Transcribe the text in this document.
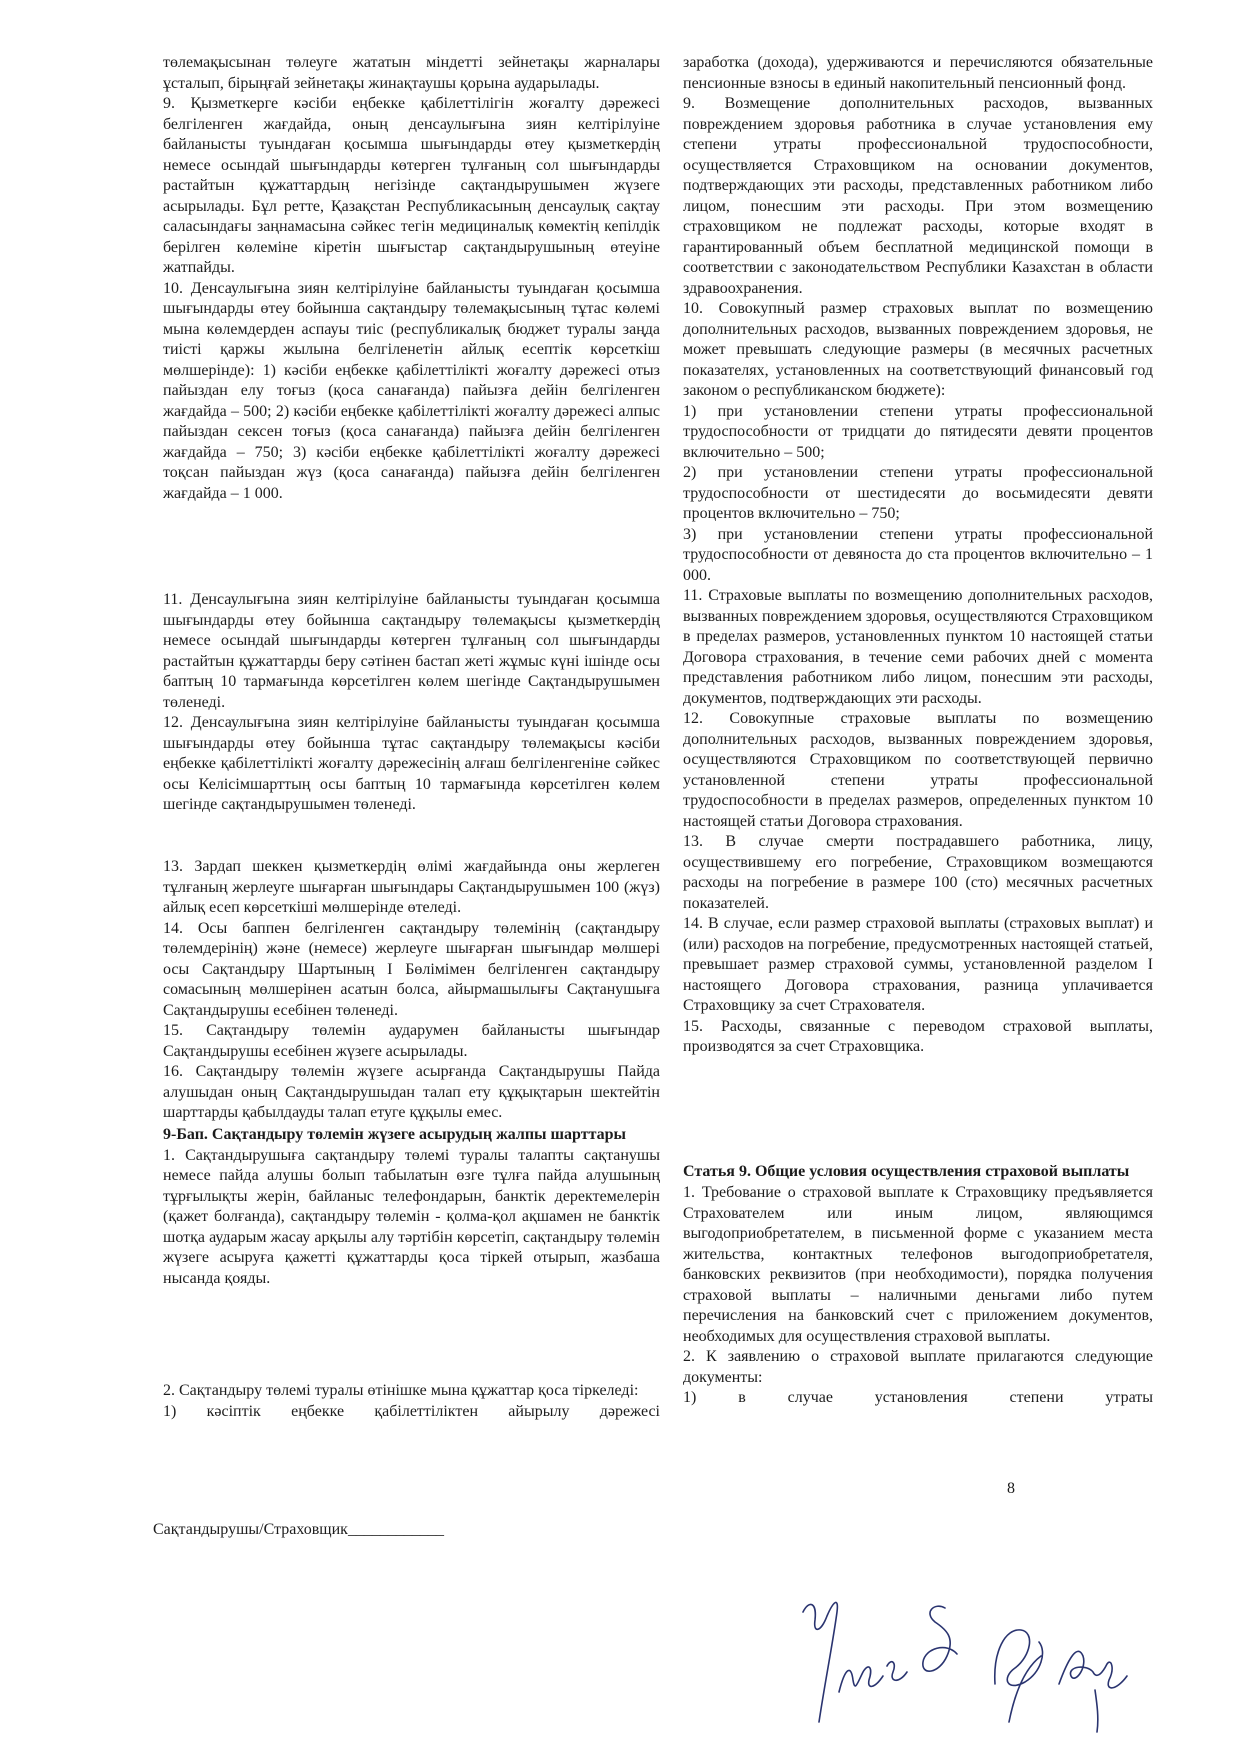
төлемақысынан төлеуге жататын міндетті зейнетақы жарналары ұсталып, бірыңғай зейнетақы жинақтаушы қорына аударылады.

9. Қызметкерге кәсіби еңбекке қабілеттілігін жоғалту дәрежесі белгіленген жағдайда, оның денсаулығына зиян келтірілуіне байланысты туындаған қосымша шығындарды өтеу қызметкердің немесе осындай шығындарды көтерген тұлғаның сол шығындарды растайтын құжаттардың негізінде сақтандырушымен жүзеге асырылады. Бұл ретте, Қазақстан Республикасының денсаулық сақтау саласындағы заңнамасына сәйкес тегін медициналық көмектің кепілдік берілген көлеміне кіретін шығыстар сақтандырушының өтеуіне жатпайды.

10. Денсаулығына зиян келтірілуіне байланысты туындаған қосымша шығындарды өтеу бойынша сақтандыру төлемақысының тұтас көлемі мына көлемдерден аспауы тиіс (республикалық бюджет туралы заңда тиісті қаржы жылына белгіленетін айлық есептік көрсеткіш мөлшерінде): 1) кәсіби еңбекке қабілеттілікті жоғалту дәрежесі отыз пайыздан елу тоғыз (қоса санағанда) пайызға дейін белгіленген жағдайда – 500; 2) кәсіби еңбекке қабілеттілікті жоғалту дәрежесі алпыс пайыздан сексен тоғыз (қоса санағанда) пайызға дейін белгіленген жағдайда – 750; 3) кәсіби еңбекке қабілеттілікті жоғалту дәрежесі тоқсан пайыздан жүз (қоса санағанда) пайызға дейін белгіленген жағдайда – 1 000.

11. Денсаулығына зиян келтірілуіне байланысты туындаған қосымша шығындарды өтеу бойынша сақтандыру төлемақысы қызметкердің немесе осындай шығындарды көтерген тұлғаның сол шығындарды растайтын құжаттарды беру сәтінен бастап жеті жұмыс күні ішінде осы баптың 10 тармағында көрсетілген көлем шегінде Сақтандырушымен төленеді.

12. Денсаулығына зиян келтірілуіне байланысты туындаған қосымша шығындарды өтеу бойынша тұтас сақтандыру төлемақысы кәсіби еңбекке қабілеттілікті жоғалту дәрежесінің алғаш белгіленгеніне сәйкес осы Келісімшарттың осы баптың 10 тармағында көрсетілген көлем шегінде сақтандырушымен төленеді.

13. Зардап шеккен қызметкердің өлімі жағдайында оны жерлеген тұлғаның жерлеуге шығарған шығындары Сақтандырушымен 100 (жүз) айлық есеп көрсеткіші мөлшерінде өтеледі.

14. Осы баппен белгіленген сақтандыру төлемінің (сақтандыру төлемдерінің) және (немесе) жерлеуге шығарған шығындар мөлшері осы Сақтандыру Шартының I Бөлімімен белгіленген сақтандыру сомасының мөлшерінен асатын болса, айырмашылығы Сақтанушыға Сақтандырушы есебінен төленеді.

15. Сақтандыру төлемін аударумен байланысты шығындар Сақтандырушы есебінен жүзеге асырылады.

16. Сақтандыру төлемін жүзеге асырғанда Сақтандырушы Пайда алушыдан оның Сақтандырушыдан талап ету құқықтарын шектейтін шарттарды қабылдауды талап етуге құқылы емес.

9-Бап. Сақтандыру төлемін жүзеге асырудың жалпы шарттары

1. Сақтандырушыға сақтандыру төлемі туралы талапты сақтанушы немесе пайда алушы болып табылатын өзге тұлға пайда алушының тұрғылықты жерін, байланыс телефондарын, банктік деректемелерін (қажет болғанда), сақтандыру төлемін - қолма-қол ақшамен не банктік шотқа аударым жасау арқылы алу тәртібін көрсетіп, сақтандыру төлемін жүзеге асыруға қажетті құжаттарды қоса тіркей отырып, жазбаша нысанда қояды.

2. Сақтандыру төлемі туралы өтінішке мына құжаттар қоса тіркеледі:

1) кәсіптік еңбекке қабілеттіліктен айырылу дәрежесі

заработка (дохода), удерживаются и перечисляются обязательные пенсионные взносы в единый накопительный пенсионный фонд.

9. Возмещение дополнительных расходов, вызванных повреждением здоровья работника в случае установления ему степени утраты профессиональной трудоспособности, осуществляется Страховщиком на основании документов, подтверждающих эти расходы, представленных работником либо лицом, понесшим эти расходы. При этом возмещению страховщиком не подлежат расходы, которые входят в гарантированный объем бесплатной медицинской помощи в соответствии с законодательством Республики Казахстан в области здравоохранения.

10. Совокупный размер страховых выплат по возмещению дополнительных расходов, вызванных повреждением здоровья, не может превышать следующие размеры (в месячных расчетных показателях, установленных на соответствующий финансовый год законом о республиканском бюджете):

1) при установлении степени утраты профессиональной трудоспособности от тридцати до пятидесяти девяти процентов включительно – 500;

2) при установлении степени утраты профессиональной трудоспособности от шестидесяти до восьмидесяти девяти процентов включительно – 750;

3) при установлении степени утраты профессиональной трудоспособности от девяноста до ста процентов включительно – 1 000.

11. Страховые выплаты по возмещению дополнительных расходов, вызванных повреждением здоровья, осуществляются Страховщиком в пределах размеров, установленных пунктом 10 настоящей статьи Договора страхования, в течение семи рабочих дней с момента представления работником либо лицом, понесшим эти расходы, документов, подтверждающих эти расходы.

12. Совокупные страховые выплаты по возмещению дополнительных расходов, вызванных повреждением здоровья, осуществляются Страховщиком по соответствующей первично установленной степени утраты профессиональной трудоспособности в пределах размеров, определенных пунктом 10 настоящей статьи Договора страхования.

13. В случае смерти пострадавшего работника, лицу, осуществившему его погребение, Страховщиком возмещаются расходы на погребение в размере 100 (сто) месячных расчетных показателей.

14. В случае, если размер страховой выплаты (страховых выплат) и (или) расходов на погребение, предусмотренных настоящей статьей, превышает размер страховой суммы, установленной разделом I настоящего Договора страхования, разница уплачивается Страховщику за счет Страхователя.

15. Расходы, связанные с переводом страховой выплаты, производятся за счет Страховщика.

Статья 9. Общие условия осуществления страховой выплаты

1. Требование о страховой выплате к Страховщику предъявляется Страхователем или иным лицом, являющимся выгодоприобретателем, в письменной форме с указанием места жительства, контактных телефонов выгодоприобретателя, банковских реквизитов (при необходимости), порядка получения страховой выплаты – наличными деньгами либо путем перечисления на банковский счет с приложением документов, необходимых для осуществления страховой выплаты.

2. К заявлению о страховой выплате прилагаются следующие документы:

1) в случае установления степени утраты

8
Сақтандырушы/Страховщик____________
